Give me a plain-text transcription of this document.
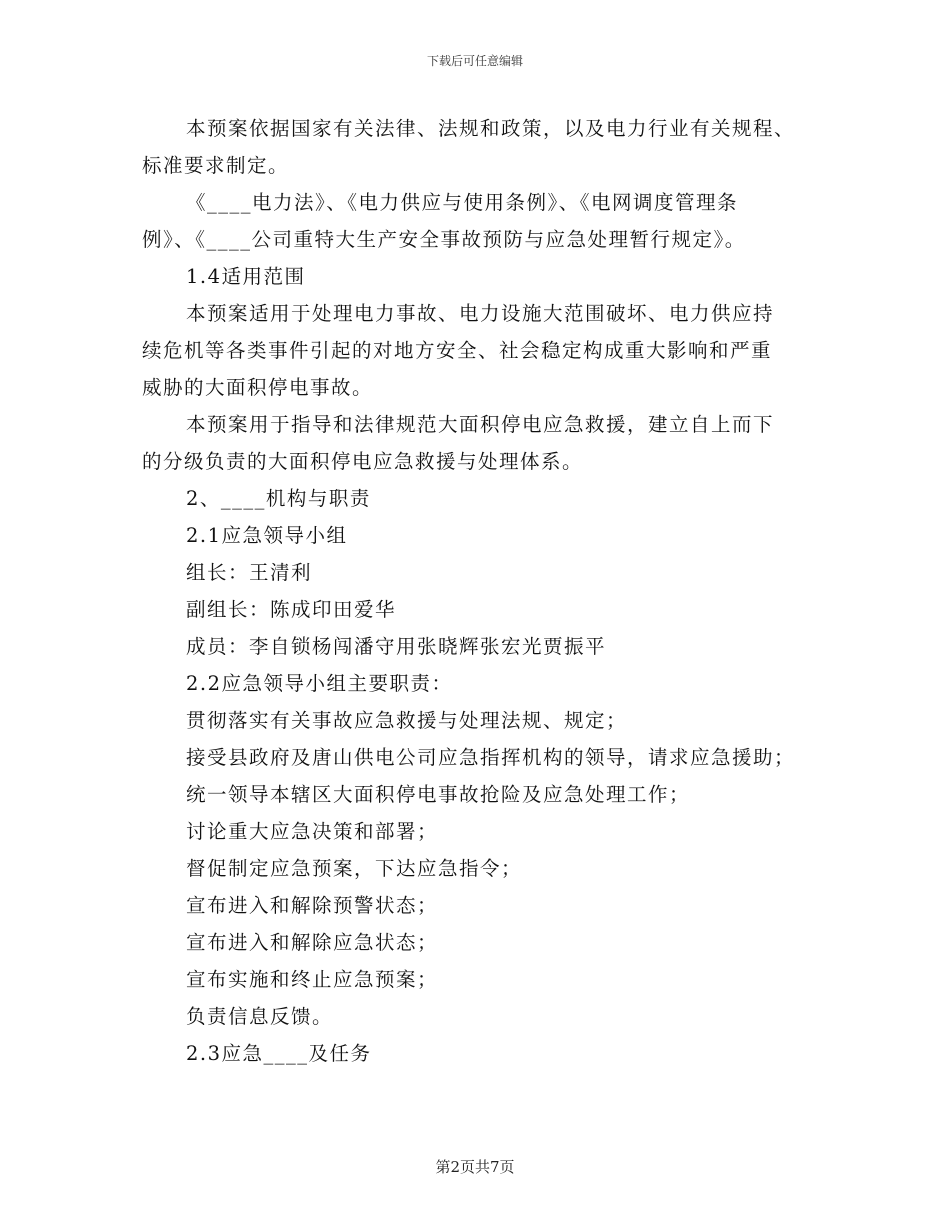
下载后可任意编辑
本预案依据国家有关法律、法规和政策，以及电力行业有关规程、
标准要求制定。
《____电力法》、《电力供应与使用条例》、《电网调度管理条
例》、《____公司重特大生产安全事故预防与应急处理暂行规定》。
1.4适用范围
本预案适用于处理电力事故、电力设施大范围破坏、电力供应持
续危机等各类事件引起的对地方安全、社会稳定构成重大影响和严重
威胁的大面积停电事故。
本预案用于指导和法律规范大面积停电应急救援，建立自上而下
的分级负责的大面积停电应急救援与处理体系。
2、____机构与职责
2.1应急领导小组
组长：王清利
副组长：陈成印田爱华
成员：李自锁杨闯潘守用张晓辉张宏光贾振平
2.2应急领导小组主要职责：
贯彻落实有关事故应急救援与处理法规、规定；
接受县政府及唐山供电公司应急指挥机构的领导，请求应急援助；
统一领导本辖区大面积停电事故抢险及应急处理工作；
讨论重大应急决策和部署；
督促制定应急预案，下达应急指令；
宣布进入和解除预警状态；
宣布进入和解除应急状态；
宣布实施和终止应急预案；
负责信息反馈。
2.3应急____及任务
第2页共7页
